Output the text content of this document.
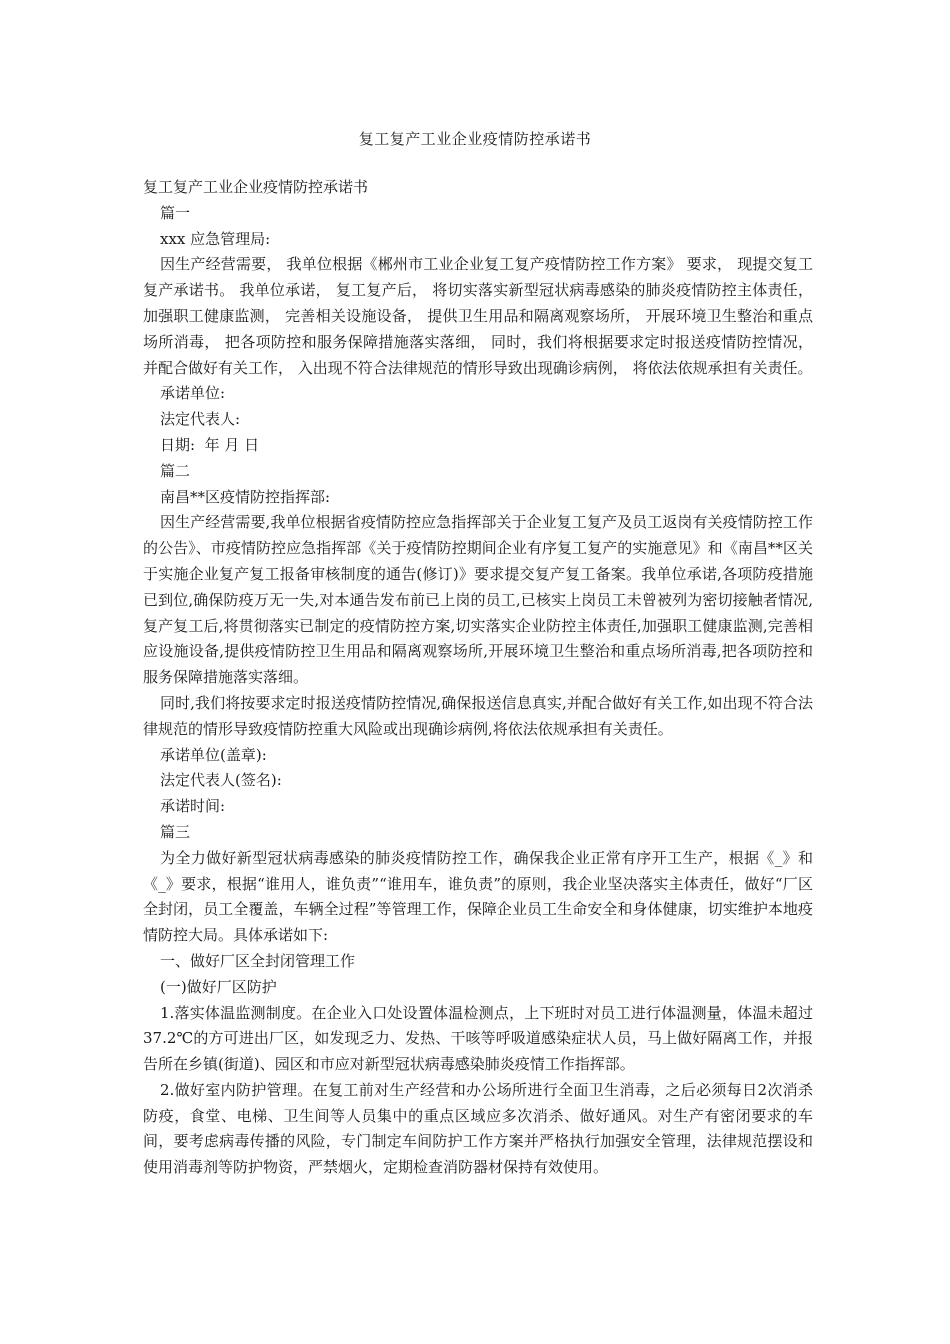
复工复产工业企业疫情防控承诺书

复工复产工业企业疫情防控承诺书

篇一

xxx 应急管理局:

因生产经营需要， 我单位根据《郴州市工业企业复工复产疫情防控工作方案》 要求， 现提交复工复产承诺书。 我单位承诺， 复工复产后， 将切实落实新型冠状病毒感染的肺炎疫情防控主体责任， 加强职工健康监测， 完善相关设施设备， 提供卫生用品和隔离观察场所， 开展环境卫生整治和重点场所消毒， 把各项防控和服务保障措施落实落细， 同时，我们将根据要求定时报送疫情防控情况， 并配合做好有关工作， 入出现不符合法律规范的情形导致出现确诊病例， 将依法依规承担有关责任。

承诺单位:

法定代表人:

日期:  年 月 日

篇二

南昌**区疫情防控指挥部:

因生产经营需要,我单位根据省疫情防控应急指挥部关于企业复工复产及员工返岗有关疫情防控工作的公告》、市疫情防控应急指挥部《关于疫情防控期间企业有序复工复产的实施意见》和《南昌**区关于实施企业复产复工报备审核制度的通告(修订)》要求提交复产复工备案。我单位承诺,各项防疫措施已到位,确保防疫万无一失,对本通告发布前已上岗的员工,已核实上岗员工未曾被列为密切接触者情况,复产复工后,将贯彻落实已制定的疫情防控方案,切实落实企业防控主体责任,加强职工健康监测,完善相应设施设备,提供疫情防控卫生用品和隔离观察场所,开展环境卫生整治和重点场所消毒,把各项防控和服务保障措施落实落细。

同时,我们将按要求定时报送疫情防控情况,确保报送信息真实,并配合做好有关工作,如出现不符合法律规范的情形导致疫情防控重大风险或出现确诊病例,将依法依规承担有关责任。

承诺单位(盖章):

法定代表人(签名):

承诺时间:

篇三

为全力做好新型冠状病毒感染的肺炎疫情防控工作，确保我企业正常有序开工生产，根据《_》和《_》要求，根据“谁用人，谁负责”“谁用车，谁负责”的原则，我企业坚决落实主体责任，做好“厂区全封闭，员工全覆盖，车辆全过程”等管理工作，保障企业员工生命安全和身体健康，切实维护本地疫情防控大局。具体承诺如下:

一、做好厂区全封闭管理工作

(一)做好厂区防护

1.落实体温监测制度。在企业入口处设置体温检测点，上下班时对员工进行体温测量，体温未超过37.2℃的方可进出厂区，如发现乏力、发热、干咳等呼吸道感染症状人员，马上做好隔离工作，并报告所在乡镇(街道)、园区和市应对新型冠状病毒感染肺炎疫情工作指挥部。

2.做好室内防护管理。在复工前对生产经营和办公场所进行全面卫生消毒，之后必须每日2次消杀防疫，食堂、电梯、卫生间等人员集中的重点区域应多次消杀、做好通风。对生产有密闭要求的车间，要考虑病毒传播的风险，专门制定车间防护工作方案并严格执行加强安全管理，法律规范摆设和使用消毒剂等防护物资，严禁烟火，定期检查消防器材保持有效使用。
